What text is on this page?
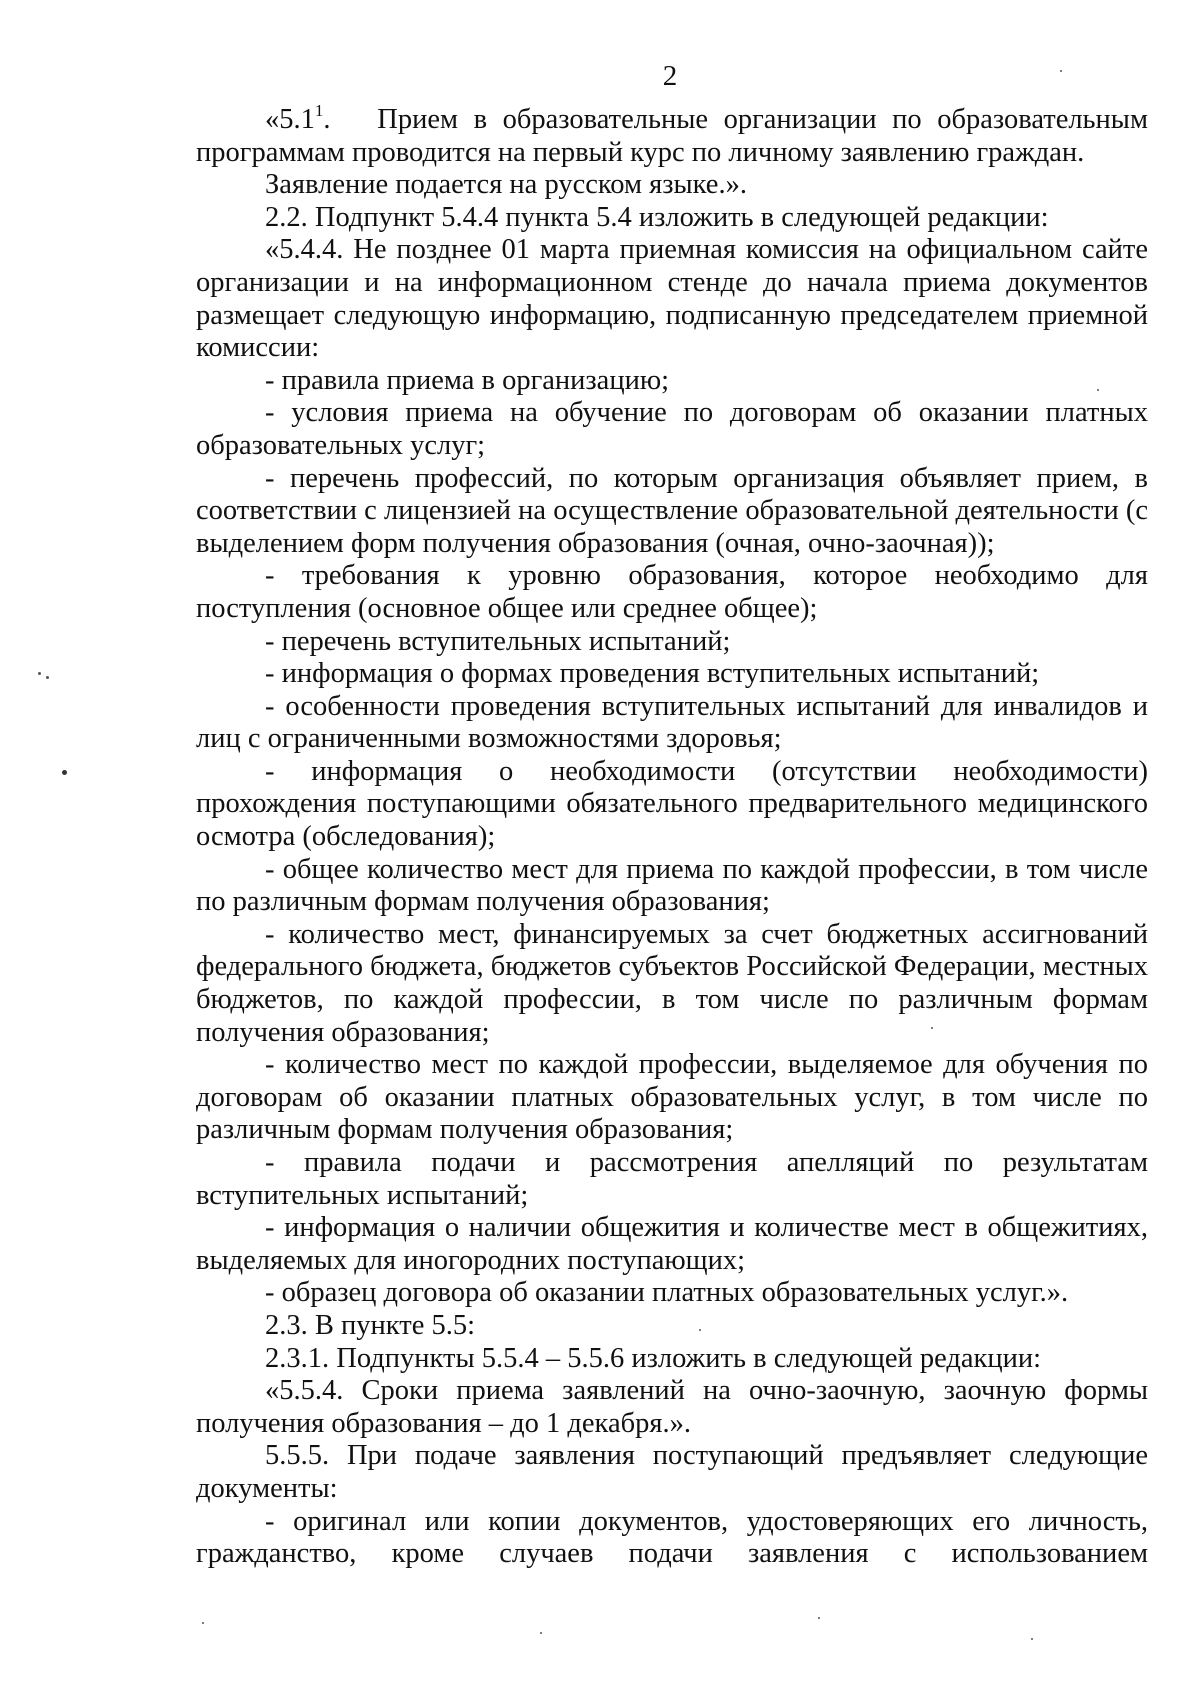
2

«$5.1^1$.   Прием в образовательные организации по образовательным программам проводится на первый курс по личному заявлению граждан.

Заявление подается на русском языке.».

2.2. Подпункт 5.4.4 пункта 5.4 изложить в следующей редакции:

«5.4.4. Не позднее 01 марта приемная комиссия на официальном сайте организации и на информационном стенде до начала приема документов размещает следующую информацию, подписанную председателем приемной комиссии:

- правила приема в организацию;

- условия приема на обучение по договорам об оказании платных образовательных услуг;

- перечень профессий, по которым организация объявляет прием, в соответствии с лицензией на осуществление образовательной деятельности (с выделением форм получения образования (очная, очно-заочная));

- требования к уровню образования, которое необходимо для поступления (основное общее или среднее общее);

- перечень вступительных испытаний;

- информация о формах проведения вступительных испытаний;

- особенности проведения вступительных испытаний для инвалидов и лиц с ограниченными возможностями здоровья;

- информация о необходимости (отсутствии необходимости) прохождения поступающими обязательного предварительного медицинского осмотра (обследования);

- общее количество мест для приема по каждой профессии, в том числе по различным формам получения образования;

- количество мест, финансируемых за счет бюджетных ассигнований федерального бюджета, бюджетов субъектов Российской Федерации, местных бюджетов, по каждой профессии, в том числе по различным формам получения образования;

- количество мест по каждой профессии, выделяемое для обучения по договорам об оказании платных образовательных услуг, в том числе по различным формам получения образования;

- правила подачи и рассмотрения апелляций по результатам вступительных испытаний;

- информация о наличии общежития и количестве мест в общежитиях, выделяемых для иногородних поступающих;

- образец договора об оказании платных образовательных услуг.».

2.3. В пункте 5.5:

2.3.1. Подпункты 5.5.4 – 5.5.6 изложить в следующей редакции:

«5.5.4. Сроки приема заявлений на очно-заочную, заочную формы получения образования – до 1 декабря.».

5.5.5. При подаче заявления поступающий предъявляет следующие документы:

- оригинал или копии документов, удостоверяющих его личность, гражданство, кроме случаев подачи заявления с использованием
